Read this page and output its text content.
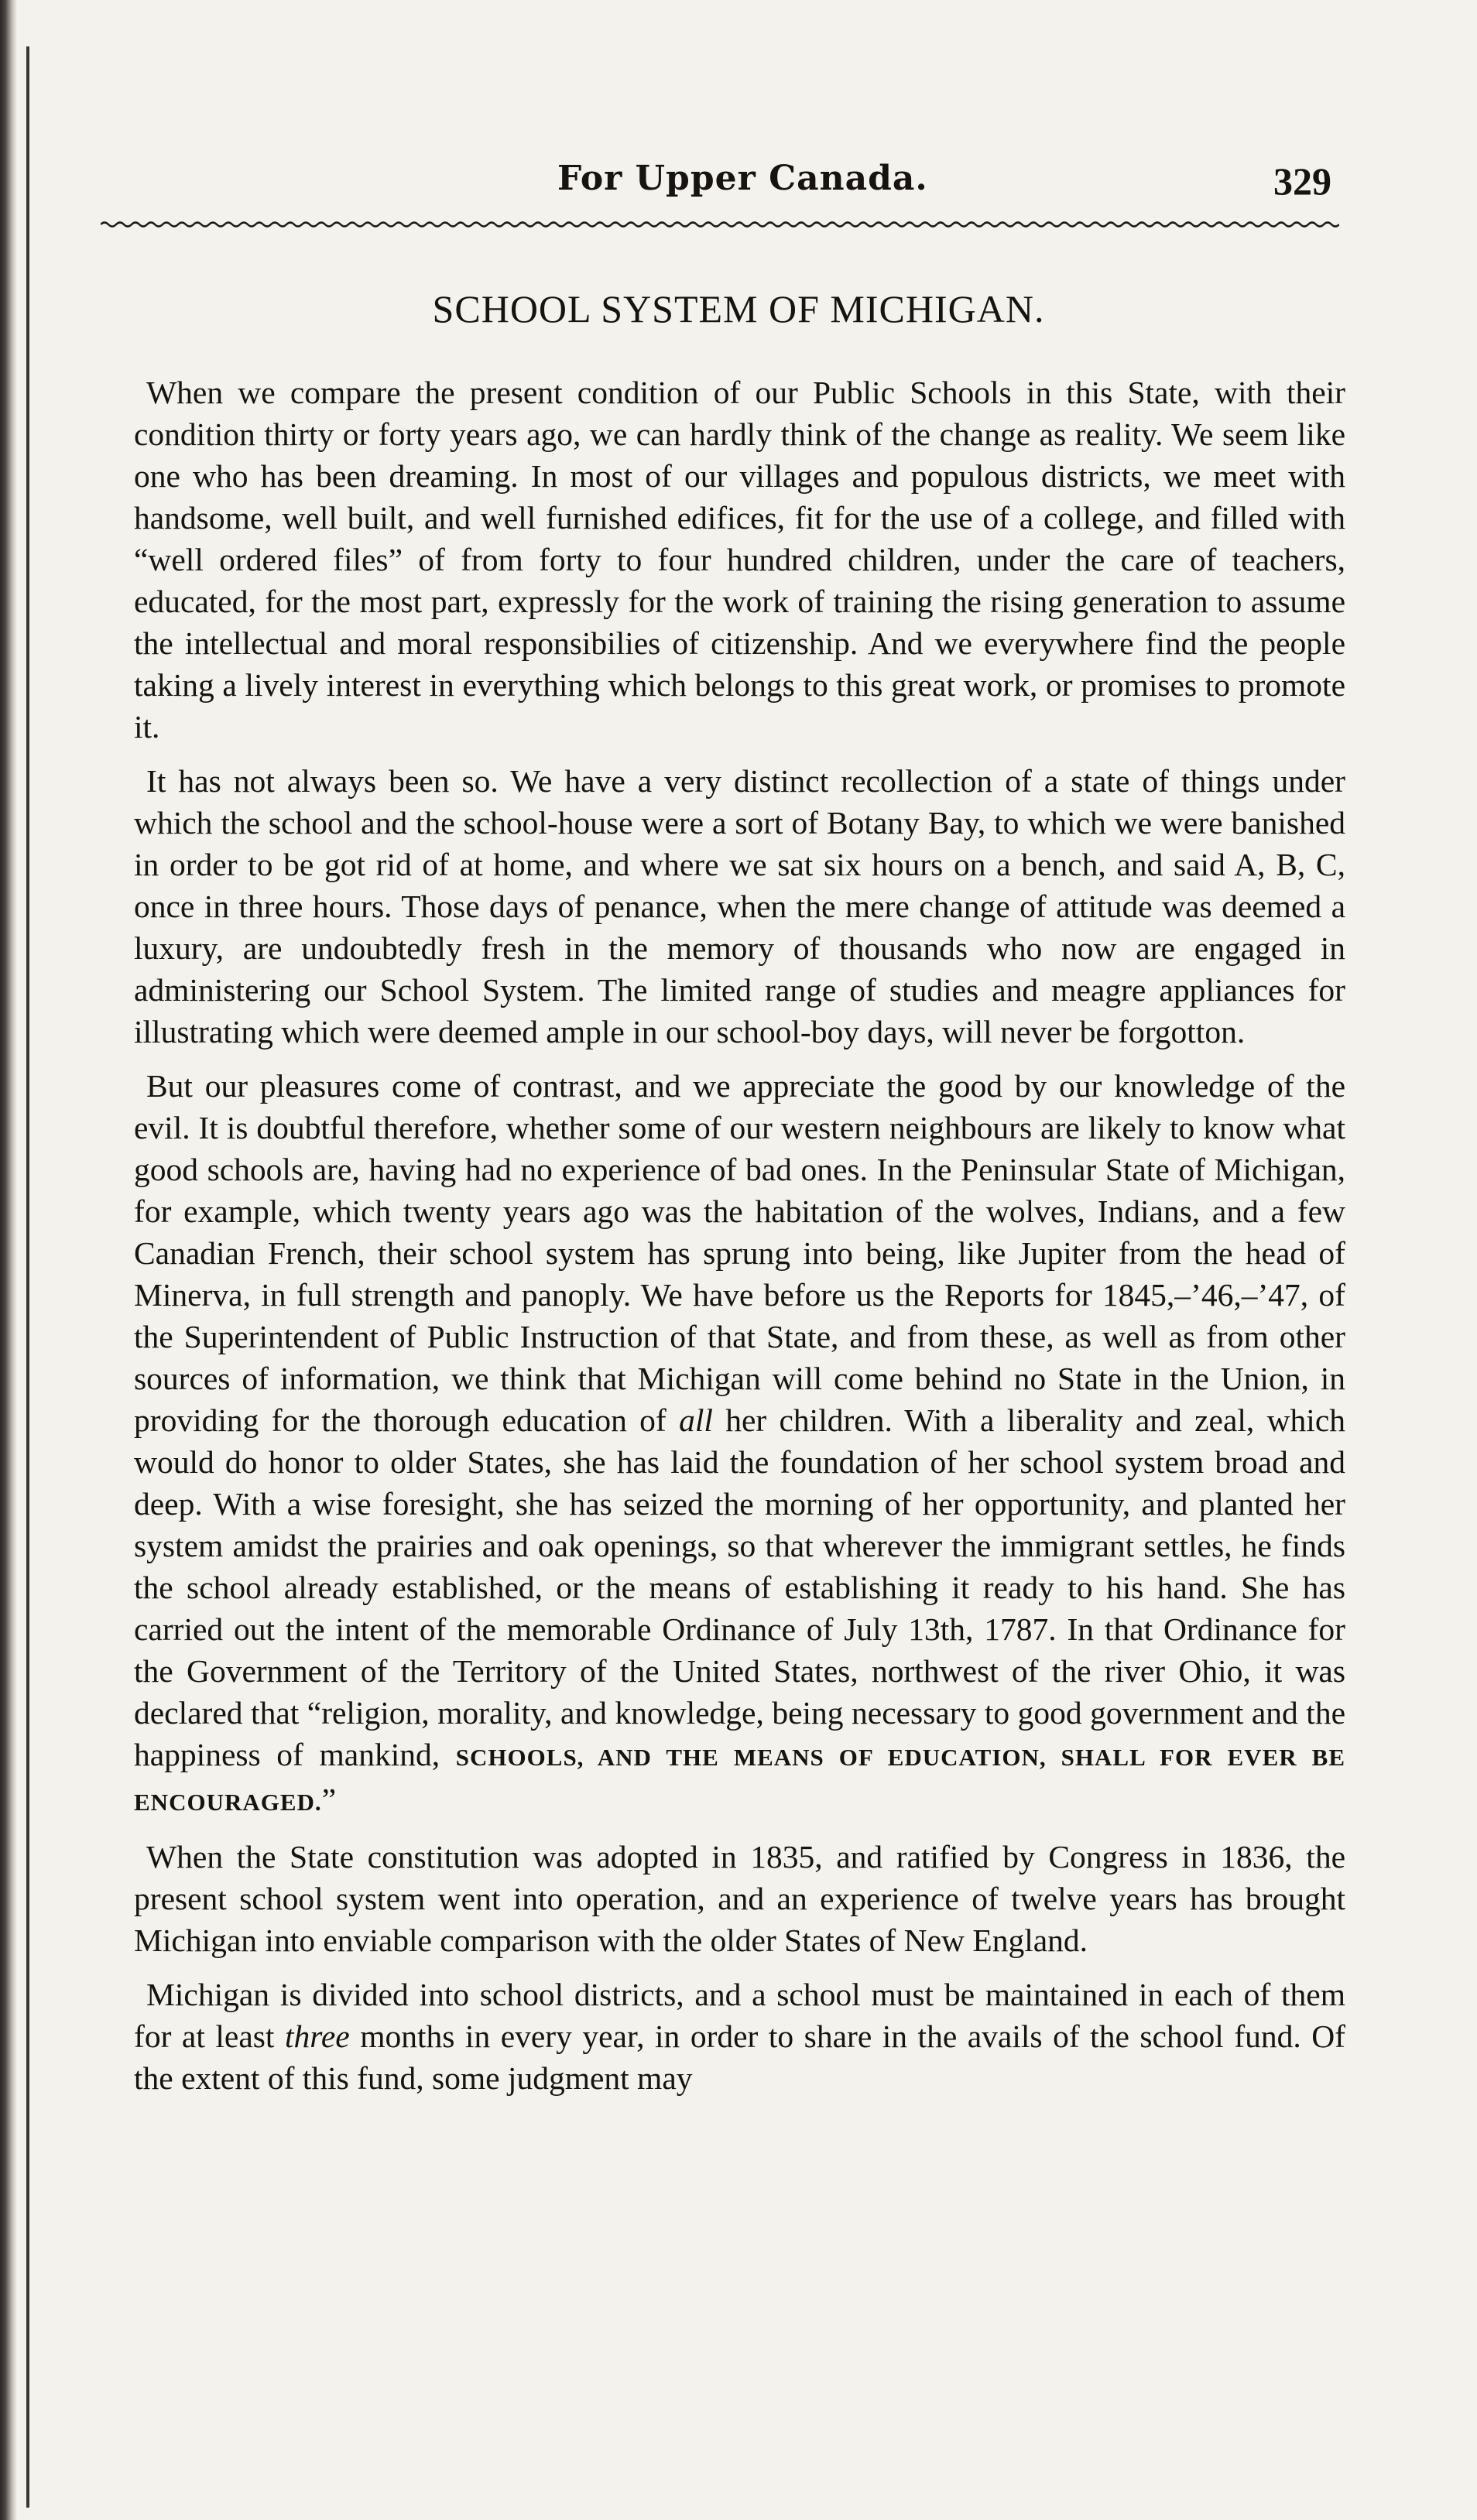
For Upper Canada.	329
SCHOOL SYSTEM OF MICHIGAN.

When we compare the present condition of our Public Schools in this State, with their condition thirty or forty years ago, we can hardly think of the change as reality. We seem like one who has been dreaming. In most of our villages and populous districts, we meet with handsome, well built, and well furnished edifices, fit for the use of a college, and filled with “well ordered files” of from forty to four hundred children, under the care of teachers, educated, for the most part, expressly for the work of training the rising generation to assume the intellectual and moral responsibilies of citizenship. And we everywhere find the people taking a lively interest in everything which belongs to this great work, or promises to promote it.

It has not always been so. We have a very distinct recollection of a state of things under which the school and the school-house were a sort of Botany Bay, to which we were banished in order to be got rid of at home, and where we sat six hours on a bench, and said A, B, C, once in three hours. Those days of penance, when the mere change of attitude was deemed a luxury, are undoubtedly fresh in the memory of thousands who now are engaged in administering our School System. The limited range of studies and meagre appliances for illustrating which were deemed ample in our school-boy days, will never be forgotton.

But our pleasures come of contrast, and we appreciate the good by our knowledge of the evil. It is doubtful therefore, whether some of our western neighbours are likely to know what good schools are, having had no experience of bad ones. In the Peninsular State of Michigan, for example, which twenty years ago was the habitation of the wolves, Indians, and a few Canadian French, their school system has sprung into being, like Jupiter from the head of Minerva, in full strength and panoply. We have before us the Reports for 1845,–’46,–’47, of the Superintendent of Public Instruction of that State, and from these, as well as from other sources of information, we think that Michigan will come behind no State in the Union, in providing for the thorough education of all her children. With a liberality and zeal, which would do honor to older States, she has laid the foundation of her school system broad and deep. With a wise foresight, she has seized the morning of her opportunity, and planted her system amidst the prairies and oak openings, so that wherever the immigrant settles, he finds the school already established, or the means of establishing it ready to his hand. She has carried out the intent of the memorable Ordinance of July 13th, 1787. In that Ordinance for the Government of the Territory of the United States, northwest of the river Ohio, it was declared that “religion, morality, and knowledge, being necessary to good government and the happiness of mankind, SCHOOLS, AND THE MEANS OF EDUCATION, SHALL FOR EVER BE ENCOURAGED.”

When the State constitution was adopted in 1835, and ratified by Congress in 1836, the present school system went into operation, and an experience of twelve years has brought Michigan into enviable comparison with the older States of New England.

Michigan is divided into school districts, and a school must be maintained in each of them for at least three months in every year, in order to share in the avails of the school fund. Of the extent of this fund, some judgment may
